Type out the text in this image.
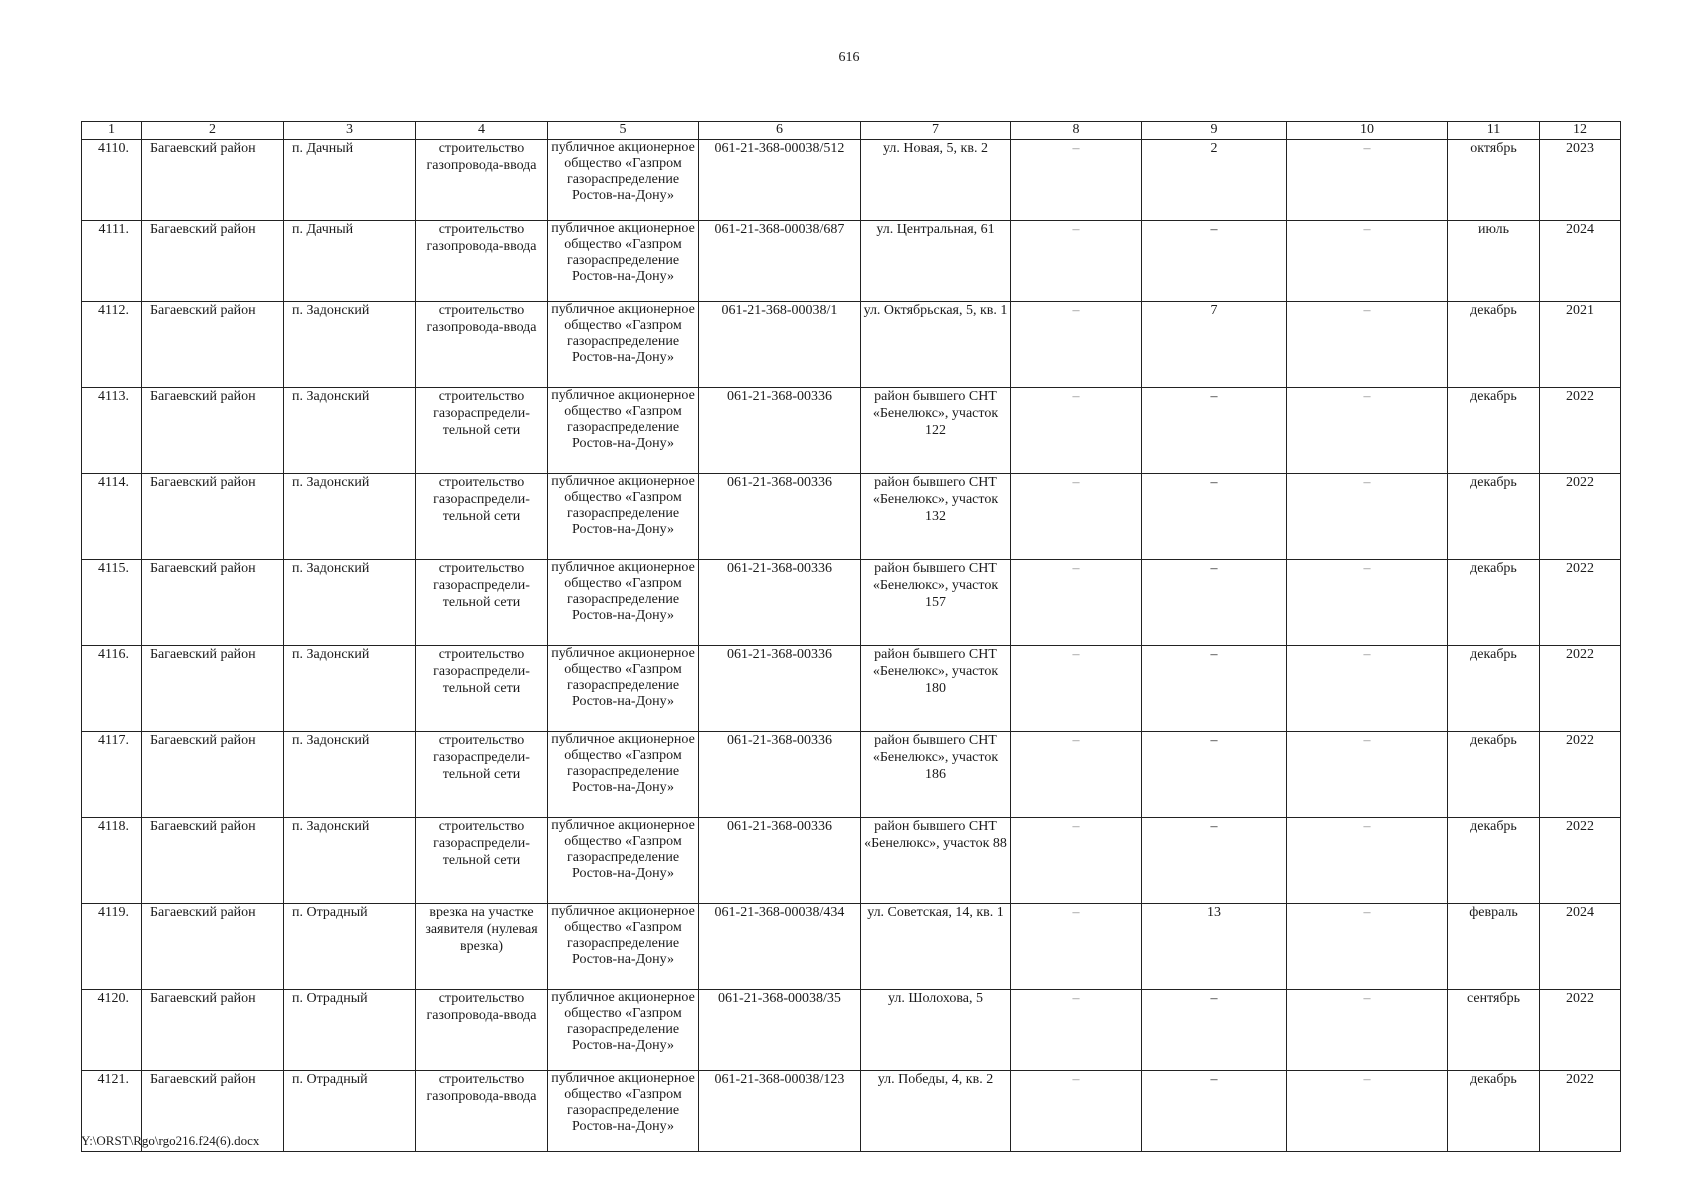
616
1	2	3	4	5	6	7	8	9	10	11	12
4110.	Багаевский район	п. Дачный	строительство газопровода-ввода	публичное акционерное общество «Газпром газораспределение Ростов-на-Дону»	061-21-368-00038/512	ул. Новая, 5, кв. 2	–	2	–	октябрь	2023
4111.	Багаевский район	п. Дачный	строительство газопровода-ввода	публичное акционерное общество «Газпром газораспределение Ростов-на-Дону»	061-21-368-00038/687	ул. Центральная, 61	–	–	–	июль	2024
4112.	Багаевский район	п. Задонский	строительство газопровода-ввода	публичное акционерное общество «Газпром газораспределение Ростов-на-Дону»	061-21-368-00038/1	ул. Октябрьская, 5, кв. 1	–	7	–	декабрь	2021
4113.	Багаевский район	п. Задонский	строительство газораспредели-тельной сети	публичное акционерное общество «Газпром газораспределение Ростов-на-Дону»	061-21-368-00336	район бывшего СНТ «Бенелюкс», участок 122	–	–	–	декабрь	2022
4114.	Багаевский район	п. Задонский	строительство газораспредели-тельной сети	публичное акционерное общество «Газпром газораспределение Ростов-на-Дону»	061-21-368-00336	район бывшего СНТ «Бенелюкс», участок 132	–	–	–	декабрь	2022
4115.	Багаевский район	п. Задонский	строительство газораспредели-тельной сети	публичное акционерное общество «Газпром газораспределение Ростов-на-Дону»	061-21-368-00336	район бывшего СНТ «Бенелюкс», участок 157	–	–	–	декабрь	2022
4116.	Багаевский район	п. Задонский	строительство газораспредели-тельной сети	публичное акционерное общество «Газпром газораспределение Ростов-на-Дону»	061-21-368-00336	район бывшего СНТ «Бенелюкс», участок 180	–	–	–	декабрь	2022
4117.	Багаевский район	п. Задонский	строительство газораспредели-тельной сети	публичное акционерное общество «Газпром газораспределение Ростов-на-Дону»	061-21-368-00336	район бывшего СНТ «Бенелюкс», участок 186	–	–	–	декабрь	2022
4118.	Багаевский район	п. Задонский	строительство газораспредели-тельной сети	публичное акционерное общество «Газпром газораспределение Ростов-на-Дону»	061-21-368-00336	район бывшего СНТ «Бенелюкс», участок 88	–	–	–	декабрь	2022
4119.	Багаевский район	п. Отрадный	врезка на участке заявителя (нулевая врезка)	публичное акционерное общество «Газпром газораспределение Ростов-на-Дону»	061-21-368-00038/434	ул. Советская, 14, кв. 1	–	13	–	февраль	2024
4120.	Багаевский район	п. Отрадный	строительство газопровода-ввода	публичное акционерное общество «Газпром газораспределение Ростов-на-Дону»	061-21-368-00038/35	ул. Шолохова, 5	–	–	–	сентябрь	2022
4121.	Багаевский район	п. Отрадный	строительство газопровода-ввода	публичное акционерное общество «Газпром газораспределение Ростов-на-Дону»	061-21-368-00038/123	ул. Победы, 4, кв. 2	–	–	–	декабрь	2022
Y:\ORST\Rgo\rgo216.f24(6).docx
